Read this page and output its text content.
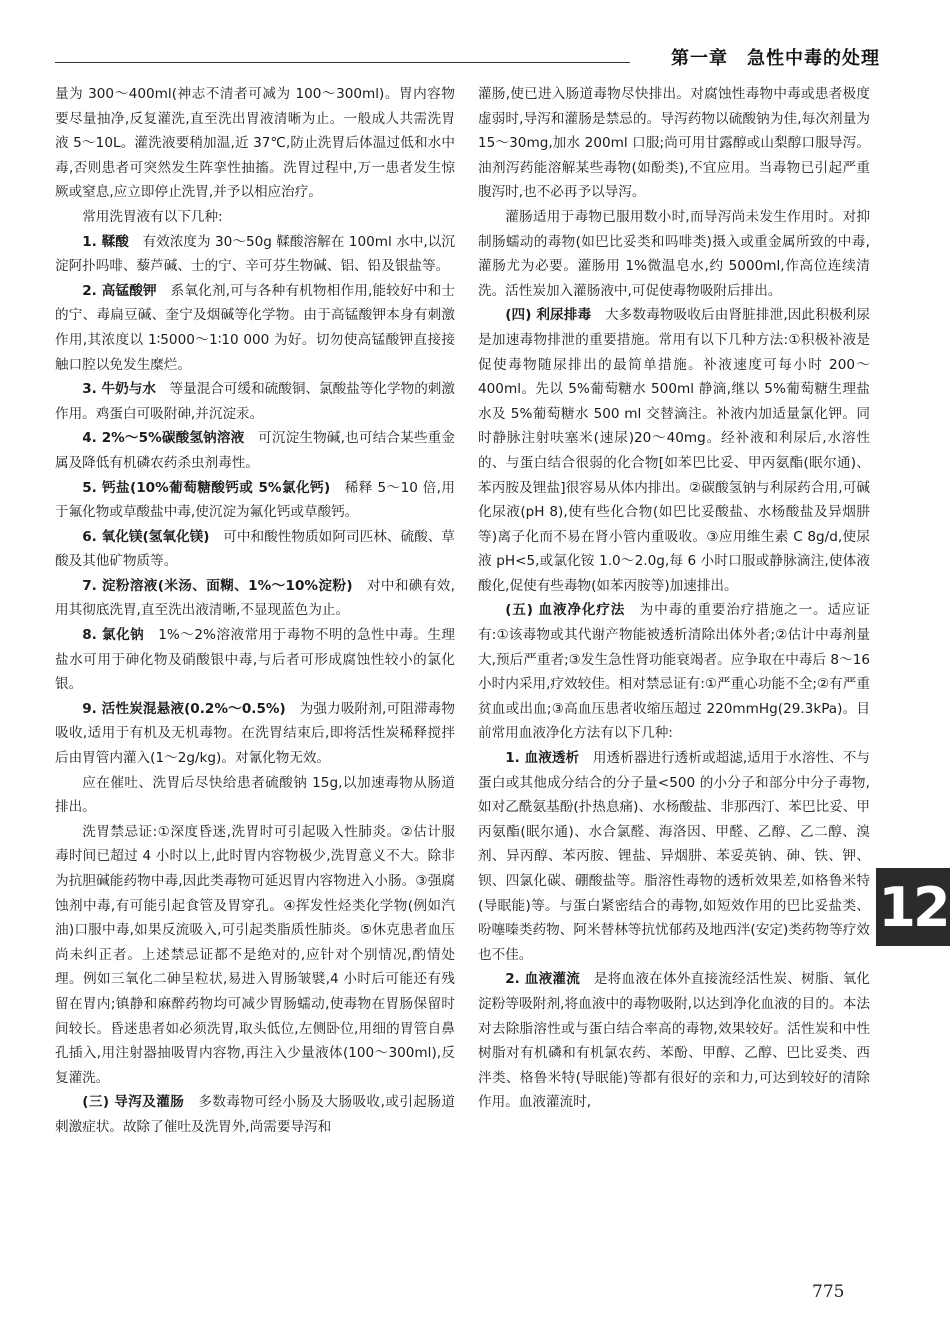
第一章　急性中毒的处理

量为 300～400ml(神志不清者可减为 100～300ml)。胃内容物要尽量抽净,反复灌洗,直至洗出胃液清晰为止。一般成人共需洗胃液 5～10L。灌洗液要稍加温,近 37℃,防止洗胃后体温过低和水中毒,否则患者可突然发生阵挛性抽搐。洗胃过程中,万一患者发生惊厥或窒息,应立即停止洗胃,并予以相应治疗。

常用洗胃液有以下几种:

1. 鞣酸　有效浓度为 30～50g 鞣酸溶解在 100ml 水中,以沉淀阿扑吗啡、藜芦碱、士的宁、辛可芬生物碱、铝、铅及银盐等。

2. 高锰酸钾　系氧化剂,可与各种有机物相作用,能较好中和士的宁、毒扁豆碱、奎宁及烟碱等化学物。由于高锰酸钾本身有刺激作用,其浓度以 1∶5000～1∶10 000 为好。切勿使高锰酸钾直接接触口腔以免发生糜烂。

3. 牛奶与水　等量混合可缓和硫酸铜、氯酸盐等化学物的刺激作用。鸡蛋白可吸附砷,并沉淀汞。

4. 2%～5%碳酸氢钠溶液　可沉淀生物碱,也可结合某些重金属及降低有机磷农药杀虫剂毒性。

5. 钙盐(10%葡萄糖酸钙或 5%氯化钙)　稀释 5～10 倍,用于氟化物或草酸盐中毒,使沉淀为氟化钙或草酸钙。

6. 氧化镁(氢氧化镁)　可中和酸性物质如阿司匹林、硫酸、草酸及其他矿物质等。

7. 淀粉溶液(米汤、面糊、1%～10%淀粉)　对中和碘有效,用其彻底洗胃,直至洗出液清晰,不显现蓝色为止。

8. 氯化钠　1%～2%溶液常用于毒物不明的急性中毒。生理盐水可用于砷化物及硝酸银中毒,与后者可形成腐蚀性较小的氯化银。

9. 活性炭混悬液(0.2%～0.5%)　为强力吸附剂,可阻滞毒物吸收,适用于有机及无机毒物。在洗胃结束后,即将活性炭稀释搅拌后由胃管内灌入(1～2g/kg)。对氰化物无效。

应在催吐、洗胃后尽快给患者硫酸钠 15g,以加速毒物从肠道排出。

洗胃禁忌证:①深度昏迷,洗胃时可引起吸入性肺炎。②估计服毒时间已超过 4 小时以上,此时胃内容物极少,洗胃意义不大。除非为抗胆碱能药物中毒,因此类毒物可延迟胃内容物进入小肠。③强腐蚀剂中毒,有可能引起食管及胃穿孔。④挥发性烃类化学物(例如汽油)口服中毒,如果反流吸入,可引起类脂质性肺炎。⑤休克患者血压尚未纠正者。上述禁忌证都不是绝对的,应针对个别情况,酌情处理。例如三氧化二砷呈粒状,易进入胃肠皱襞,4 小时后可能还有残留在胃内;镇静和麻醉药物均可减少胃肠蠕动,使毒物在胃肠保留时间较长。昏迷患者如必须洗胃,取头低位,左侧卧位,用细的胃管自鼻孔插入,用注射器抽吸胃内容物,再注入少量液体(100～300ml),反复灌洗。

(三) 导泻及灌肠　多数毒物可经小肠及大肠吸收,或引起肠道刺激症状。故除了催吐及洗胃外,尚需要导泻和

灌肠,使已进入肠道毒物尽快排出。对腐蚀性毒物中毒或患者极度虚弱时,导泻和灌肠是禁忌的。导泻药物以硫酸钠为佳,每次剂量为 15～30mg,加水 200ml 口服;尚可用甘露醇或山梨醇口服导泻。油剂泻药能溶解某些毒物(如酚类),不宜应用。当毒物已引起严重腹泻时,也不必再予以导泻。

灌肠适用于毒物已服用数小时,而导泻尚未发生作用时。对抑制肠蠕动的毒物(如巴比妥类和吗啡类)摄入或重金属所致的中毒,灌肠尤为必要。灌肠用 1%微温皂水,约 5000ml,作高位连续清洗。活性炭加入灌肠液中,可促使毒物吸附后排出。

(四) 利尿排毒　大多数毒物吸收后由肾脏排泄,因此积极利尿是加速毒物排泄的重要措施。常用有以下几种方法:①积极补液是促使毒物随尿排出的最简单措施。补液速度可每小时 200～400ml。先以 5%葡萄糖水 500ml 静滴,继以 5%葡萄糖生理盐水及 5%葡萄糖水 500 ml 交替滴注。补液内加适量氯化钾。同时静脉注射呋塞米(速尿)20～40mg。经补液和利尿后,水溶性的、与蛋白结合很弱的化合物[如苯巴比妥、甲丙氨酯(眠尔通)、苯丙胺及锂盐]很容易从体内排出。②碳酸氢钠与利尿药合用,可碱化尿液(pH 8),使有些化合物(如巴比妥酸盐、水杨酸盐及异烟肼等)离子化而不易在肾小管内重吸收。③应用维生素 C 8g/d,使尿液 pH<5,或氯化铵 1.0～2.0g,每 6 小时口服或静脉滴注,使体液酸化,促使有些毒物(如苯丙胺等)加速排出。

(五) 血液净化疗法　为中毒的重要治疗措施之一。适应证有:①该毒物或其代谢产物能被透析清除出体外者;②估计中毒剂量大,预后严重者;③发生急性肾功能衰竭者。应争取在中毒后 8～16 小时内采用,疗效较佳。相对禁忌证有:①严重心功能不全;②有严重贫血或出血;③高血压患者收缩压超过 220mmHg(29.3kPa)。目前常用血液净化方法有以下几种:

1. 血液透析　用透析器进行透析或超滤,适用于水溶性、不与蛋白或其他成分结合的分子量<500 的小分子和部分中分子毒物,如对乙酰氨基酚(扑热息痛)、水杨酸盐、非那西汀、苯巴比妥、甲丙氨酯(眠尔通)、水合氯醛、海洛因、甲醛、乙醇、乙二醇、溴剂、异丙醇、苯丙胺、锂盐、异烟肼、苯妥英钠、砷、铁、钾、钡、四氯化碳、硼酸盐等。脂溶性毒物的透析效果差,如格鲁米特(导眠能)等。与蛋白紧密结合的毒物,如短效作用的巴比妥盐类、吩噻嗪类药物、阿米替林等抗忧郁药及地西泮(安定)类药物等疗效也不佳。

2. 血液灌流　是将血液在体外直接流经活性炭、树脂、氧化淀粉等吸附剂,将血液中的毒物吸附,以达到净化血液的目的。本法对去除脂溶性或与蛋白结合率高的毒物,效果较好。活性炭和中性树脂对有机磷和有机氯农药、苯酚、甲醇、乙醇、巴比妥类、西泮类、格鲁米特(导眠能)等都有很好的亲和力,可达到较好的清除作用。血液灌流时,

12
775
